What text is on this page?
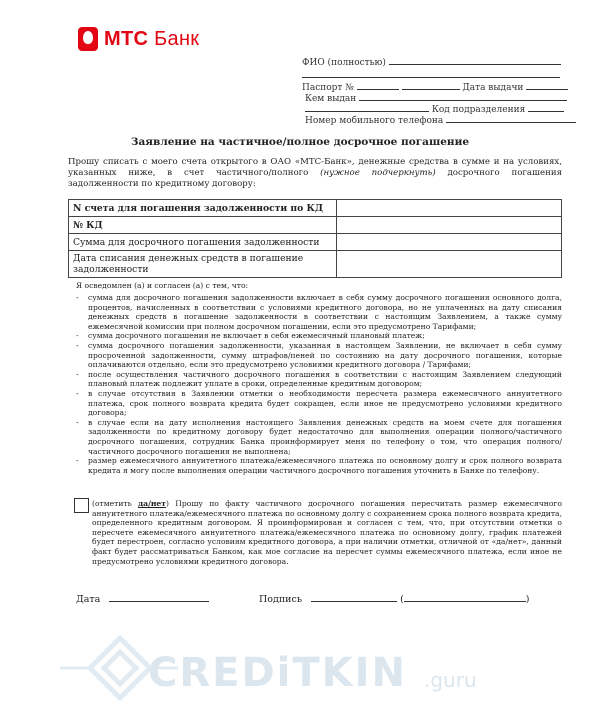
МТС Банк
ФИО (полностью)
Паспорт №	Дата выдачи
Кем выдан
Код подразделения
Номер мобильного телефона
Заявление на частичное/полное досрочное погашение
Прошу списать с моего счета открытого в ОАО «МТС-Банк», денежные средства в сумме и на условиях, указанных ниже, в счет частичного/полного (нужное подчеркнуть) досрочного погашения задолженности по кредитному договору:
N счета для погашения задолженности по КД	
№ КД	
Сумма для досрочного погашения задолженности	
Дата списания денежных средств в погашение задолженности	
Я осведомлен (а) и согласен (а) с тем, что:
- сумма для досрочного погашения задолженности включает в себя сумму досрочного погашения основного долга, процентов, начисленных в соответствии с условиями кредитного договора, но не уплаченных на дату списания денежных средств в погашение задолженности в соответствии с настоящим Заявлением, а также сумму ежемесячной комиссии при полном досрочном погашении, если это предусмотрено Тарифами;
- сумма досрочного погашения не включает в себя ежемесячный плановый платеж;
- сумма досрочного погашения задолженности, указанная в настоящем Заявлении, не включает в себя сумму просроченной задолженности, сумму штрафов/пеней по состоянию на дату досрочного погашения, которые оплачиваются отдельно, если это предусмотрено условиями кредитного договора / Тарифами;
- после осуществления частичного досрочного погашения в соответствии с настоящим Заявлением следующий плановый платеж подлежит уплате в сроки, определенные кредитным договором;
- в случае отсутствия в Заявлении отметки о необходимости пересчета размера ежемесячного аннуитетного платежа, срок полного возврата кредита будет сокращен, если иное не предусмотрено условиями кредитного договора;
- в случае если на дату исполнения настоящего Заявления денежных средств на моем счете для погашения задолженности по кредитному договору будет недостаточно для выполнения операции полного/частичного досрочного погашения, сотрудник Банка проинформирует меня по телефону о том, что операция полного/частичного досрочного погашения не выполнена;
- размер ежемесячного аннуитетного платежа/ежемесячного платежа по основному долгу и срок полного возврата кредита я могу после выполнения операции частичного досрочного погашения уточнить в Банке по телефону.
(отметить да/нет) Прошу по факту частичного досрочного погашения пересчитать размер ежемесячного аннуитетного платежа/ежемесячного платежа по основному долгу с сохранением срока полного возврата кредита, определенного кредитным договором. Я проинформирован и согласен с тем, что, при отсутствии отметки о пересчете ежемесячного аннуитетного платежа/ежемесячного платежа по основному долгу, график платежей будет перестроен, согласно условиям кредитного договора, а при наличии отметки, отличной от «да/нет», данный факт будет рассматриваться Банком, как мое согласие на пересчет суммы ежемесячного платежа, если иное не предусмотрено условиями кредитного договора.
Дата	Подпись	(	)
CREDiTKIN .guru
